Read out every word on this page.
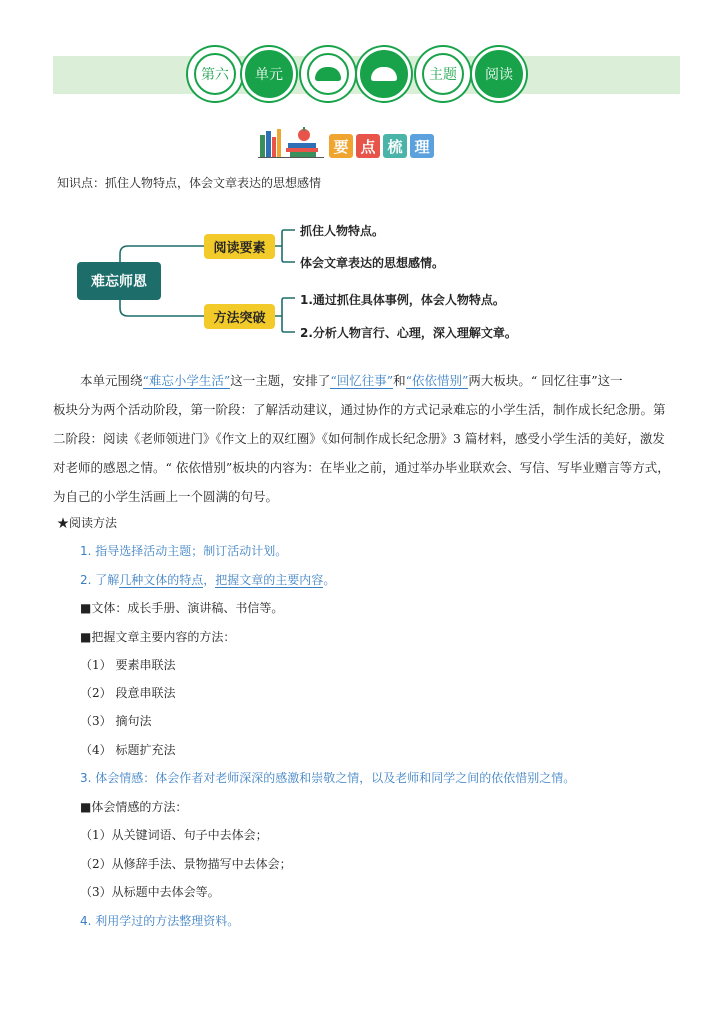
第六	单元	主题	阅读
要 点 梳 理
知识点：抓住人物特点，体会文章表达的思想感情
难忘师恩
阅读要素
方法突破
抓住人物特点。
体会文章表达的思想感情。
1.通过抓住具体事例，体会人物特点。
2.分析人物言行、心理，深入理解文章。

本单元围绕“难忘小学生活”这一主题，安排了“回忆往事”和“依依惜别”两大板块。“ 回忆往事”这一

板块分为两个活动阶段，第一阶段：了解活动建议，通过协作的方式记录难忘的小学生活，制作成长纪念册。第

二阶段：阅读《老师领进门》《作文上的双红圈》《如何制作成长纪念册》3 篇材料，感受小学生活的美好，激发

对老师的感恩之情。“ 依依惜别”板块的内容为：在毕业之前，通过举办毕业联欢会、写信、写毕业赠言等方式，

为自己的小学生活画上一个圆满的句号。

★阅读方法
1. 指导选择活动主题；制订活动计划。
2. 了解几种文体的特点，把握文章的主要内容。
■文体：成长手册、演讲稿、书信等。
■把握文章主要内容的方法：
（1） 要素串联法
（2） 段意串联法
（3） 摘句法
（4） 标题扩充法
3. 体会情感：体会作者对老师深深的感激和崇敬之情，以及老师和同学之间的依依惜别之情。
■体会情感的方法：
（1）从关键词语、句子中去体会；
（2）从修辞手法、景物描写中去体会；
（3）从标题中去体会等。
4. 利用学过的方法整理资料。
